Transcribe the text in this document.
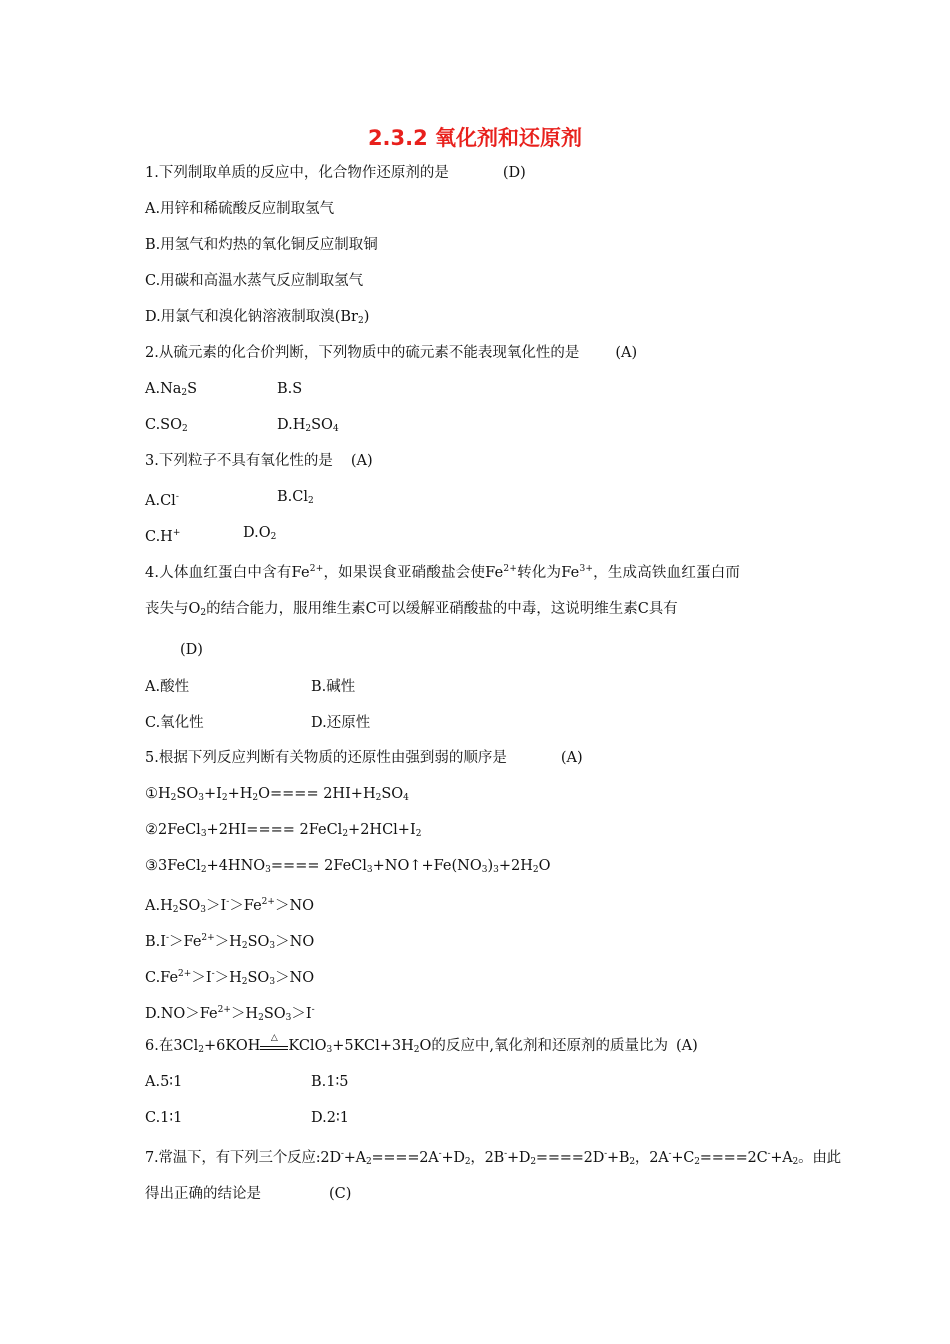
2.3.2 氧化剂和还原剂
1.下列制取单质的反应中，化合物作还原剂的是	(D)
A.用锌和稀硫酸反应制取氢气
B.用氢气和灼热的氧化铜反应制取铜
C.用碳和高温水蒸气反应制取氢气
D.用氯气和溴化钠溶液制取溴$(Br_2)$
2.从硫元素的化合价判断，下列物质中的硫元素不能表现氧化性的是 (A)
$A.Na_2S$	B.S
$C.SO_2$	$D.H_2SO_4$
3.下列粒子不具有氧化性的是 (A)
A.Cl-	$B.Cl_2$
C.H+	$D.O_2$
4.人体血红蛋白中含有$Fe^{2+}$，如果误食亚硝酸盐会使$Fe^{2+}$转化为$Fe^{3+}$，生成高铁血红蛋白而
丧失与$O_2$的结合能力，服用维生素C可以缓解亚硝酸盐的中毒，这说明维生素C具有
(D)
A.酸性	B.碱性
C.氧化性	D.还原性
5.根据下列反应判断有关物质的还原性由强到弱的顺序是	(A)
$①H_2SO_3+I_2+H_2O==== 2HI+H_2SO_4$
②2FeCl$_3$+2HI==== $2FeCl_2+2HCl+I_2$
$③3FeCl_2+4HNO_3====$ $2FeCl_3+NO↑+Fe(NO_3)_3+2H_2O$
$A.H_2SO_3>I^->Fe^{2+}>NO$
$B.I^->Fe^{2+}>H_2SO_3>NO$
$C.Fe^{2+}>I^->H_2SO_3>NO$
$D.NO>Fe^{2+}>H_2SO_3>I^-$
6.在$3Cl_2+6KOH$	△ $KClO_3+5KCl+3H_2O$的反应中,氧化剂和还原剂的质量比为 (A)
A.5∶1	B.1∶5
C.1∶1	D.2∶1
7.常温下，有下列三个反应$:2D^-+A_2====2A^-+D_2$，$2B^-+D_2====2D^-+B_2$，$2A^-+C_2====2C^-+A_2$。由此
得出正确的结论是	(C)
